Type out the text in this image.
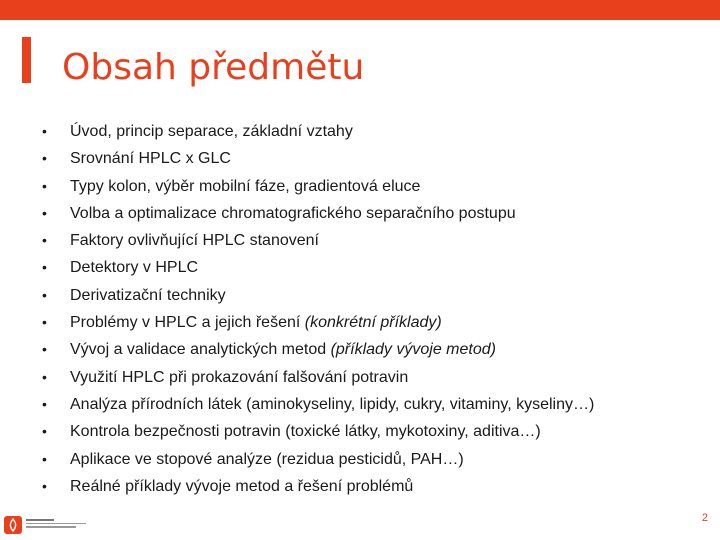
Obsah předmětu
• Úvod, princip separace, základní vztahy
• Srovnání HPLC x GLC
• Typy kolon, výběr mobilní fáze, gradientová eluce
• Volba a optimalizace chromatografického separačního postupu
• Faktory ovlivňující HPLC stanovení
• Detektory v HPLC
• Derivatizační techniky
• Problémy v HPLC a jejich řešení (konkrétní příklady)
• Vývoj a validace analytických metod (příklady vývoje metod)
• Využití HPLC při prokazování falšování potravin
• Analýza přírodních látek (aminokyseliny, lipidy, cukry, vitaminy, kyseliny…)
• Kontrola bezpečnosti potravin (toxické látky, mykotoxiny, aditiva…)
• Aplikace ve stopové analýze (rezidua pesticidů, PAH…)
• Reálné příklady vývoje metod a řešení problémů
2
